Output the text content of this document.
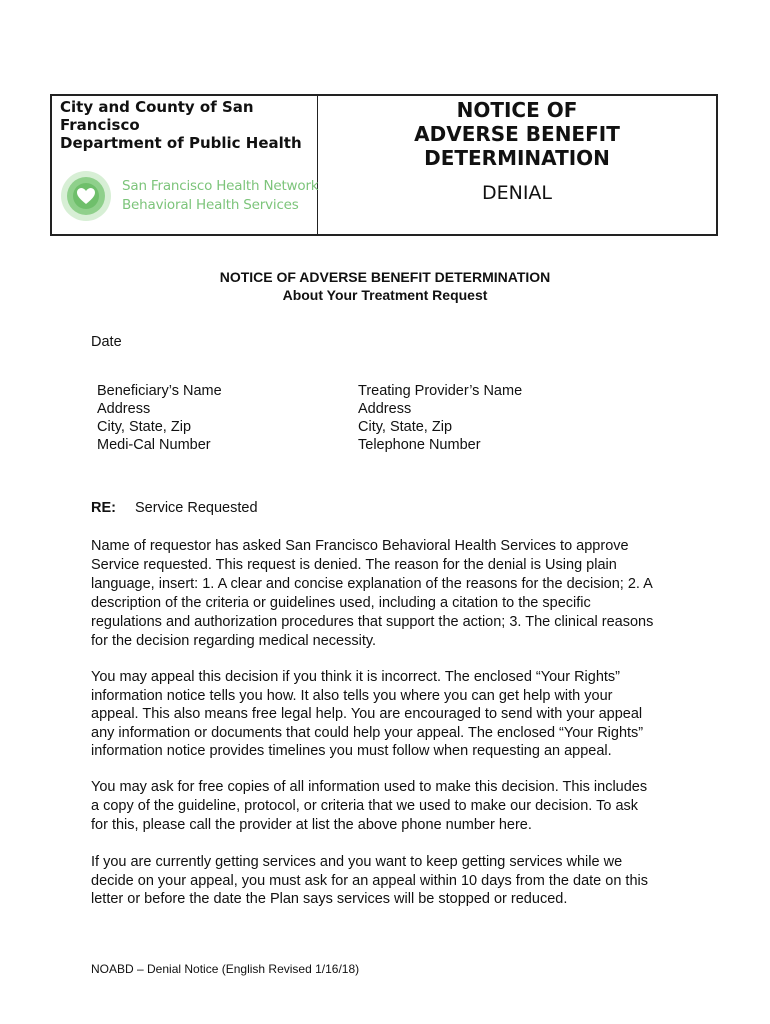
City and County of San
Francisco
Department of Public Health
San Francisco Health Network
Behavioral Health Services
NOTICE OF
ADVERSE BENEFIT
DETERMINATION
DENIAL
NOTICE OF ADVERSE BENEFIT DETERMINATION
About Your Treatment Request
Date
Beneficiary’s Name
Address
City, State, Zip
Medi-Cal Number
Treating Provider’s Name
Address
City, State, Zip
Telephone Number
RE: Service Requested
Name of requestor has asked San Francisco Behavioral Health Services to approve
Service requested. This request is denied. The reason for the denial is Using plain
language, insert: 1. A clear and concise explanation of the reasons for the decision; 2. A
description of the criteria or guidelines used, including a citation to the specific
regulations and authorization procedures that support the action; 3. The clinical reasons
for the decision regarding medical necessity.
You may appeal this decision if you think it is incorrect. The enclosed “Your Rights”
information notice tells you how. It also tells you where you can get help with your
appeal. This also means free legal help. You are encouraged to send with your appeal
any information or documents that could help your appeal. The enclosed “Your Rights”
information notice provides timelines you must follow when requesting an appeal.
You may ask for free copies of all information used to make this decision. This includes
a copy of the guideline, protocol, or criteria that we used to make our decision. To ask
for this, please call the provider at list the above phone number here.
If you are currently getting services and you want to keep getting services while we
decide on your appeal, you must ask for an appeal within 10 days from the date on this
letter or before the date the Plan says services will be stopped or reduced.
NOABD – Denial Notice (English Revised 1/16/18)
